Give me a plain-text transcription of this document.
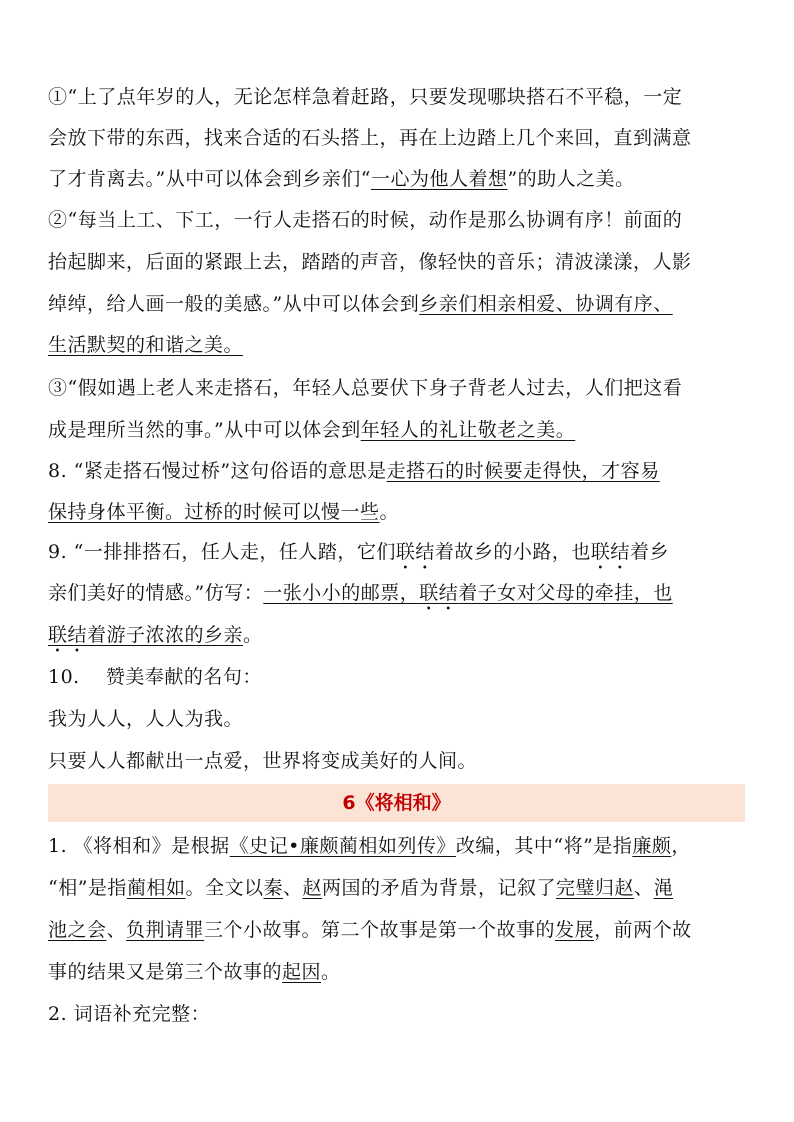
①“上了点年岁的人，无论怎样急着赶路，只要发现哪块搭石不平稳，一定
会放下带的东西，找来合适的石头搭上，再在上边踏上几个来回，直到满意
了才肯离去。”从中可以体会到乡亲们“一心为他人着想”的助人之美。
②“每当上工、下工，一行人走搭石的时候，动作是那么协调有序！前面的
抬起脚来，后面的紧跟上去，踏踏的声音，像轻快的音乐；清波漾漾，人影
绰绰，给人画一般的美感。”从中可以体会到乡亲们相亲相爱、协调有序、
生活默契的和谐之美。
③“假如遇上老人来走搭石，年轻人总要伏下身子背老人过去，人们把这看
成是理所当然的事。”从中可以体会到年轻人的礼让敬老之美。
8. “紧走搭石慢过桥”这句俗语的意思是走搭石的时候要走得快，才容易
保持身体平衡。过桥的时候可以慢一些。
9. “一排排搭石，任人走，任人踏，它们联结着故乡的小路，也联结着乡
亲们美好的情感。”仿写：一张小小的邮票，联结着子女对父母的牵挂，也
联结着游子浓浓的乡亲。
10.    赞美奉献的名句：
我为人人，人人为我。
只要人人都献出一点爱，世界将变成美好的人间。
6《将相和》
1. 《将相和》是根据《史记•廉颇蔺相如列传》改编，其中“将”是指廉颇，
“相”是指蔺相如。全文以秦、赵两国的矛盾为背景，记叙了完璧归赵、渑
池之会、负荆请罪三个小故事。第二个故事是第一个故事的发展，前两个故
事的结果又是第三个故事的起因。
2. 词语补充完整：
